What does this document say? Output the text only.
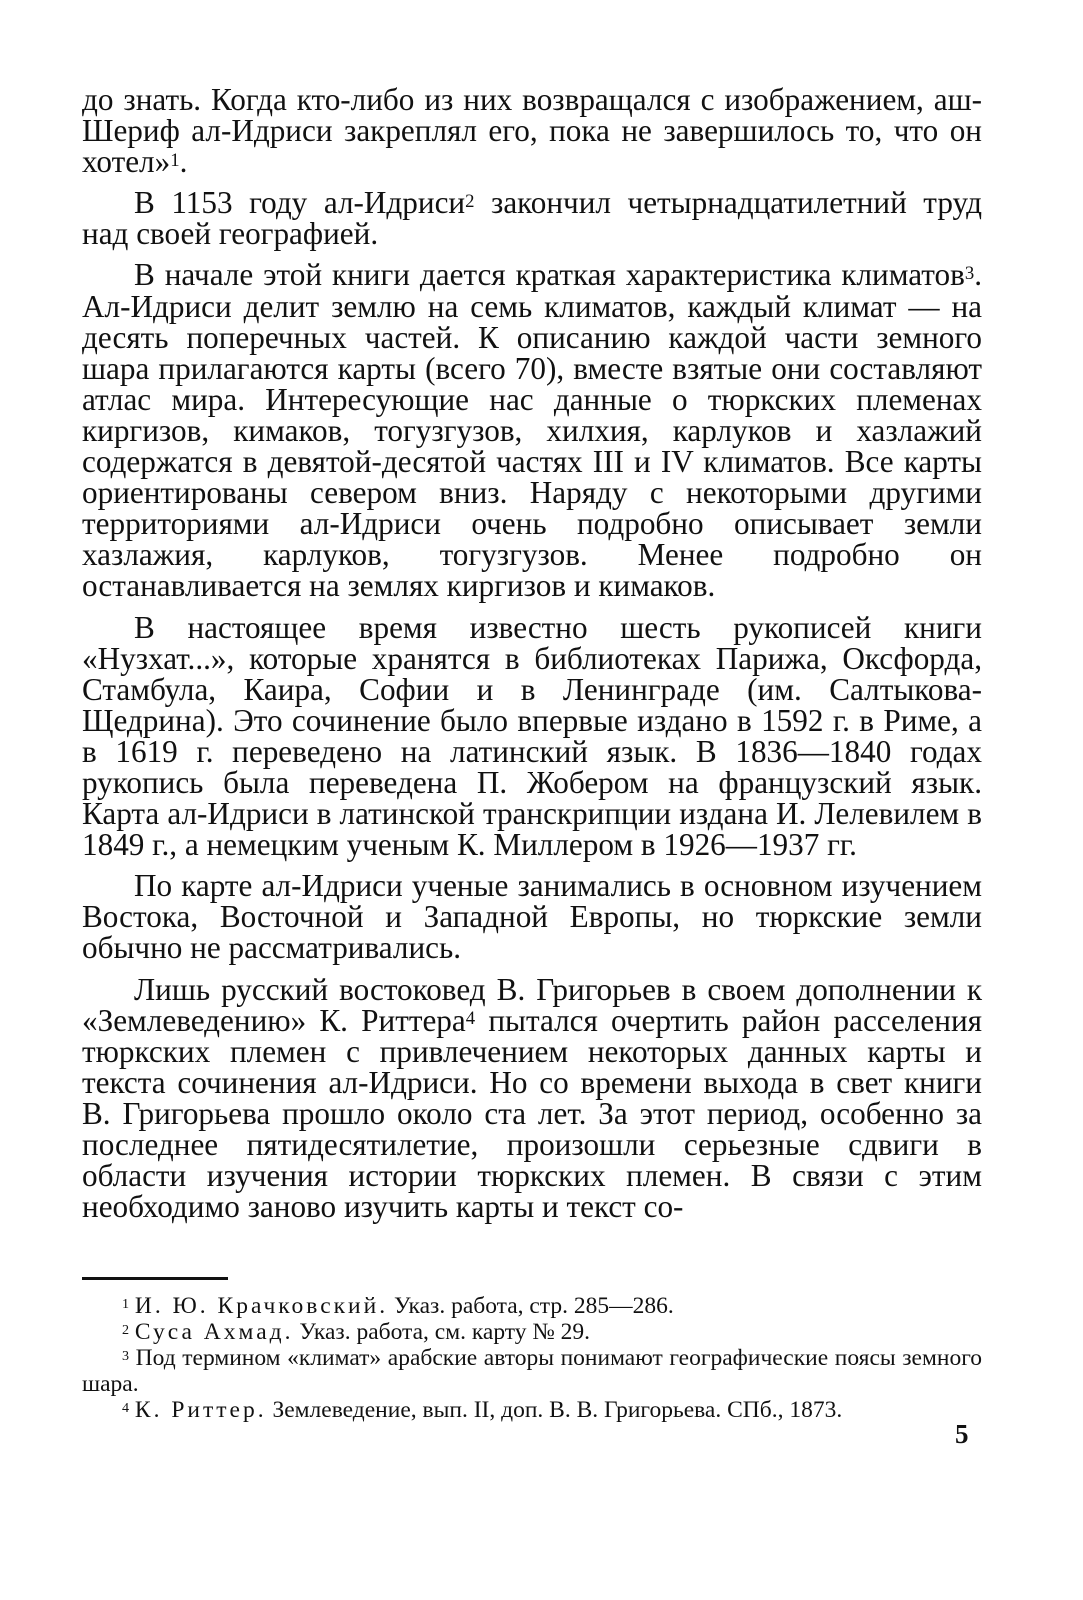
до знать. Когда кто-либо из них возвращался с изображением, аш-Шериф ал-Идриси закреплял его, пока не завершилось то, что он хотел»$^1$.

В 1153 году ал-Идриси$^2$ закончил четырнадцатилетний труд над своей географией.

В начале этой книги дается краткая характеристика климатов$^3$. Ал-Идриси делит землю на семь климатов, каждый климат — на десять поперечных частей. К описанию каждой части земного шара прилагаются карты (всего 70), вместе взятые они составляют атлас мира. Интересующие нас данные о тюркских племенах киргизов, кимаков, тогузгузов, хилхия, карлуков и хазлажий содержатся в девятой-десятой частях III и IV климатов. Все карты ориентированы севером вниз. Наряду с некоторыми другими территориями ал-Идриси очень подробно описывает земли хазлажия, карлуков, тогузгузов. Менее подробно он останавливается на землях киргизов и кимаков.

В настоящее время известно шесть рукописей книги «Нузхат...», которые хранятся в библиотеках Парижа, Оксфорда, Стамбула, Каира, Софии и в Ленинграде (им. Салтыкова-Щедрина). Это сочинение было впервые издано в 1592 г. в Риме, а в 1619 г. переведено на латинский язык. В 1836—1840 годах рукопись была переведена П. Жобером на французский язык. Карта ал-Идриси в латинской транскрипции издана И. Лелевилем в 1849 г., а немецким ученым К. Миллером в 1926—1937 гг.

По карте ал-Идриси ученые занимались в основном изучением Востока, Восточной и Западной Европы, но тюркские земли обычно не рассматривались.

Лишь русский востоковед В. Григорьев в своем дополнении к «Землеведению» К. Риттера$^4$ пытался очертить район расселения тюркских племен с привлечением некоторых данных карты и текста сочинения ал-Идриси. Но со времени выхода в свет книги В. Григорьева прошло около ста лет. За этот период, особенно за последнее пятидесятилетие, произошли серьезные сдвиги в области изучения истории тюркских племен. В связи с этим необходимо заново изучить карты и текст со-

$^1$ И. Ю. Крачковский. Указ. работа, стр. 285—286.

$^2$ Суса Ахмад. Указ. работа, см. карту № 29.

$^3$ Под термином «климат» арабские авторы понимают географические поясы земного шара.

$^4$ К. Риттер. Землеведение, вып. II, доп. В. В. Григорьева. СПб., 1873.

5
